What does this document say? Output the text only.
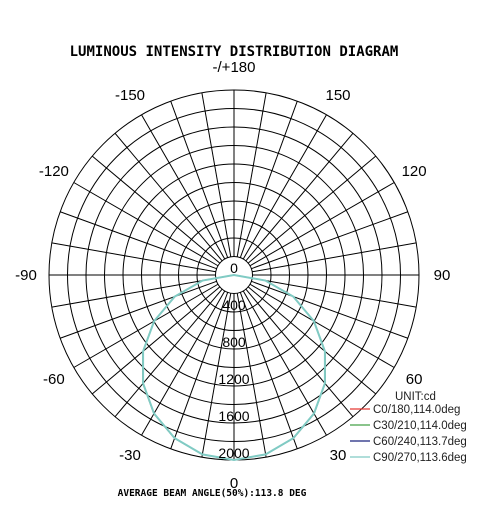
LUMINOUS INTENSITY DISTRIBUTION DIAGRAM
-/+180
150
-150
120
-120
90
-90
60
-60
30
-30
0
0
400
800
1200
1600
2000
UNIT:cd
C0/180,114.0deg
C30/210,114.0deg
C60/240,113.7deg
C90/270,113.6deg
AVERAGE BEAM ANGLE(50%):113.8 DEG
